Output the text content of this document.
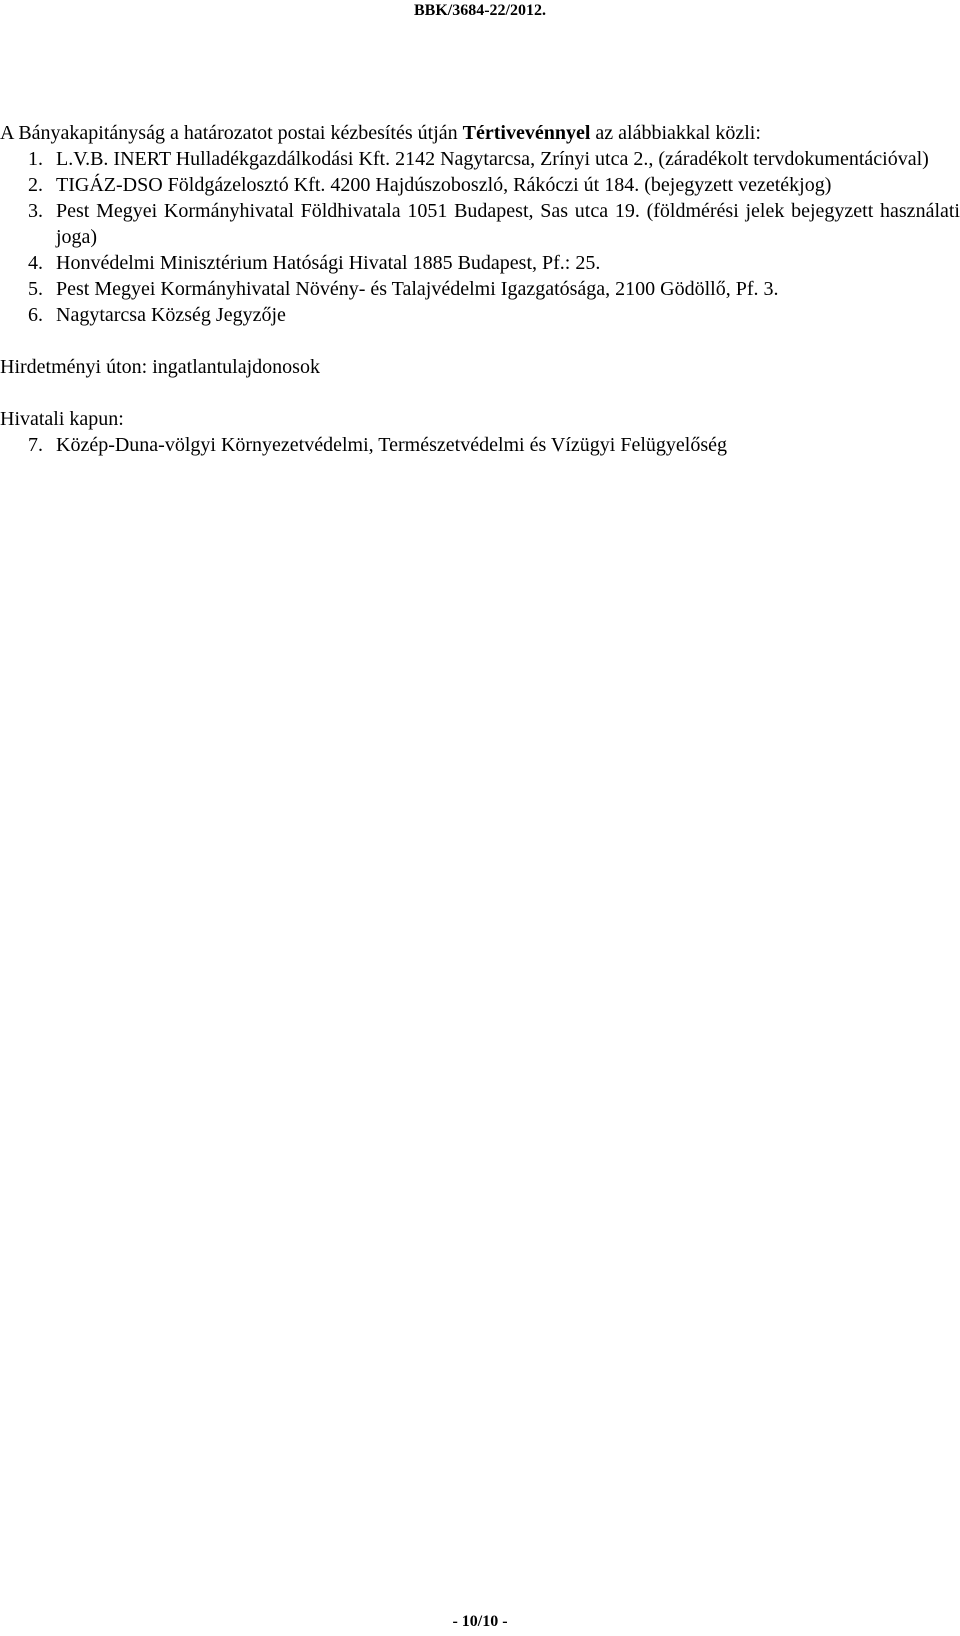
BBK/3684-22/2012.
A Bányakapitányság a határozatot postai kézbesítés útján Tértivevénnyel az alábbiakkal közli:
1. L.V.B. INERT Hulladékgazdálkodási Kft. 2142 Nagytarcsa, Zrínyi utca 2., (záradékolt tervdokumentációval)
2. TIGÁZ-DSO Földgázelosztó Kft. 4200 Hajdúszoboszló, Rákóczi út 184. (bejegyzett vezetékjog)
3. Pest Megyei Kormányhivatal Földhivatala 1051 Budapest, Sas utca 19. (földmérési jelek bejegyzett használati joga)
4. Honvédelmi Minisztérium Hatósági Hivatal 1885 Budapest, Pf.: 25.
5. Pest Megyei Kormányhivatal Növény- és Talajvédelmi Igazgatósága, 2100 Gödöllő, Pf. 3.
6. Nagytarcsa Község Jegyzője
Hirdetményi úton: ingatlantulajdonosok
Hivatali kapun:
7. Közép-Duna-völgyi Környezetvédelmi, Természetvédelmi és Vízügyi Felügyelőség
- 10/10 -
